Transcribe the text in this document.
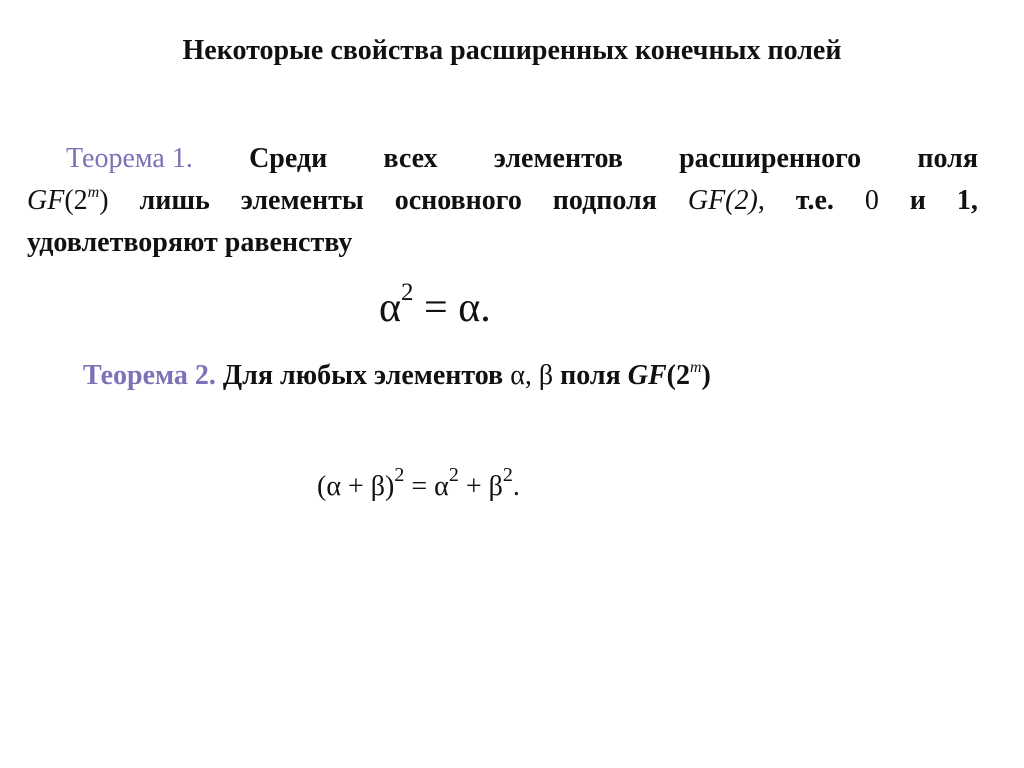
Некоторые свойства расширенных конечных полей
Теорема 1. Среди всех элементов расширенного поля
GF(2$^m$) лишь элементы основного подполя GF(2), т.е. 0 и 1,
удовлетворяют равенству
$\alpha^2 = \alpha$.
Теорема 2. Для любых элементов α, β поля GF(2$^m$)
$(\alpha + \beta)^2 = \alpha^2 + \beta^2$.
